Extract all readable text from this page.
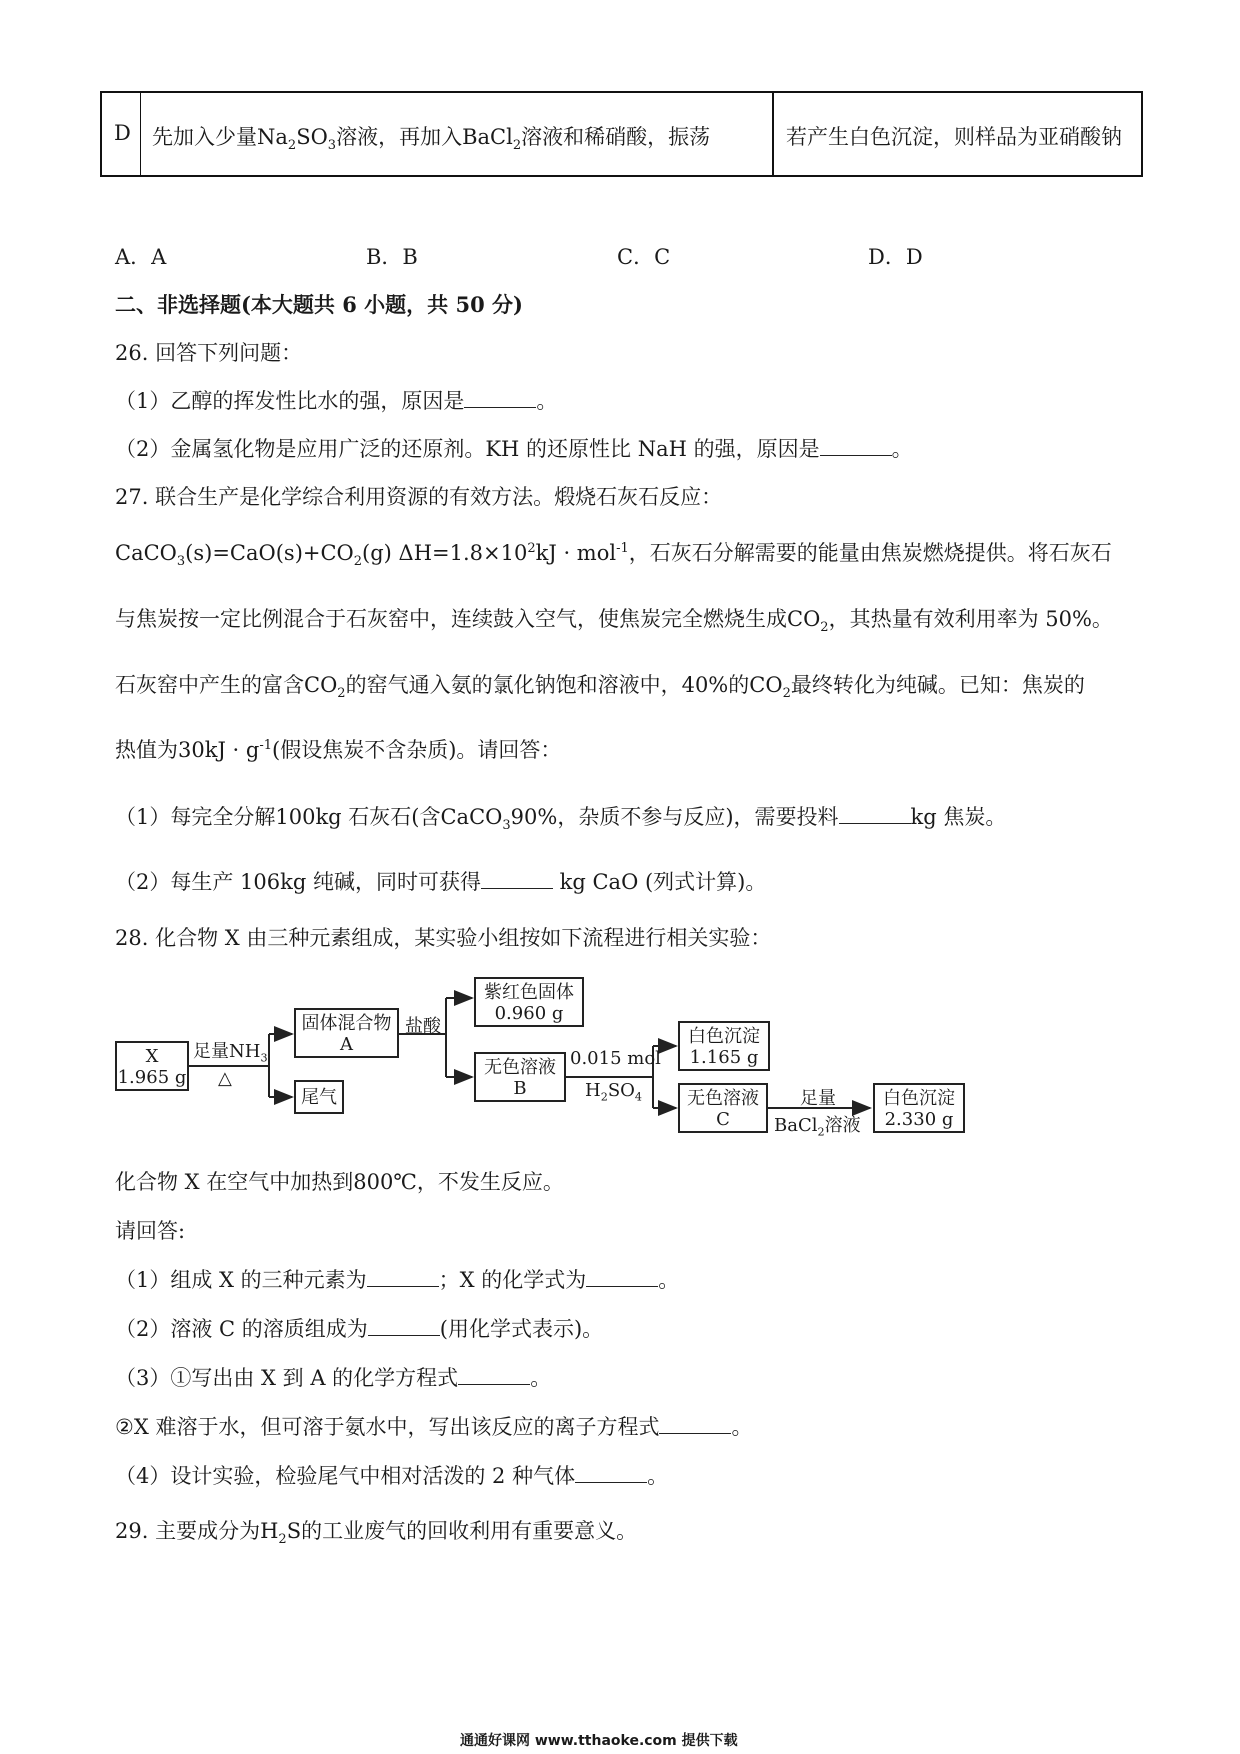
D 先加入少量$Na_2SO_3$溶液，再加入BaCl$_2$溶液和稀硝酸，振荡	若产生白色沉淀，则样品为亚硝酸钠
A．A	B．B	C．C	D．D
二、非选择题(本大题共 6 小题，共 50 分)
26. 回答下列问题：
（1）乙醇的挥发性比水的强，原因是	。
（2）金属氢化物是应用广泛的还原剂。KH 的还原性比 NaH 的强，原因是	。
27. 联合生产是化学综合利用资源的有效方法。煅烧石灰石反应：
$CaCO_3(s)=CaO(s)+CO_2(g) \Delta H=1.8\times 10^2kJ \cdot mol^{-1}$，石灰石分解需要的能量由焦炭燃烧提供。将石灰石
与焦炭按一定比例混合于石灰窑中，连续鼓入空气，使焦炭完全燃烧生成$CO_2$，其热量有效利用率为 50%。
石灰窑中产生的富含$CO_2$的窑气通入氨的氯化钠饱和溶液中，40%的$CO_2$最终转化为纯碱。已知：焦炭的
热值为$30kJ \cdot g^{-1}$(假设焦炭不含杂质)。请回答：
（1）每完全分解100kg 石灰石(含CaCO$_3$90%，杂质不参与反应)，需要投料	kg 焦炭。
（2）每生产 106kg 纯碱，同时可获得	kg CaO (列式计算)。
28. 化合物 X 由三种元素组成，某实验小组按如下流程进行相关实验：
X
1.965 g
足量$NH_3$
△
固体混合物
A
尾气
盐酸
紫红色固体
0.960 g
无色溶液
B
0.015 mol
$H_2SO_4$
白色沉淀
1.165 g
无色溶液
C
足量
BaCl$_2$溶液
白色沉淀
2.330 g
化合物 X 在空气中加热到800℃，不发生反应。
请回答:
（1）组成 X 的三种元素为	；X 的化学式为	。
（2）溶液 C 的溶质组成为	(用化学式表示)。
（3）①写出由 X 到 A 的化学方程式	。
②X 难溶于水，但可溶于氨水中，写出该反应的离子方程式	。
（4）设计实验，检验尾气中相对活泼的 2 种气体	。
29. 主要成分为$H_2S$的工业废气的回收利用有重要意义。
通通好课网 www.tthaoke.com 提供下载
